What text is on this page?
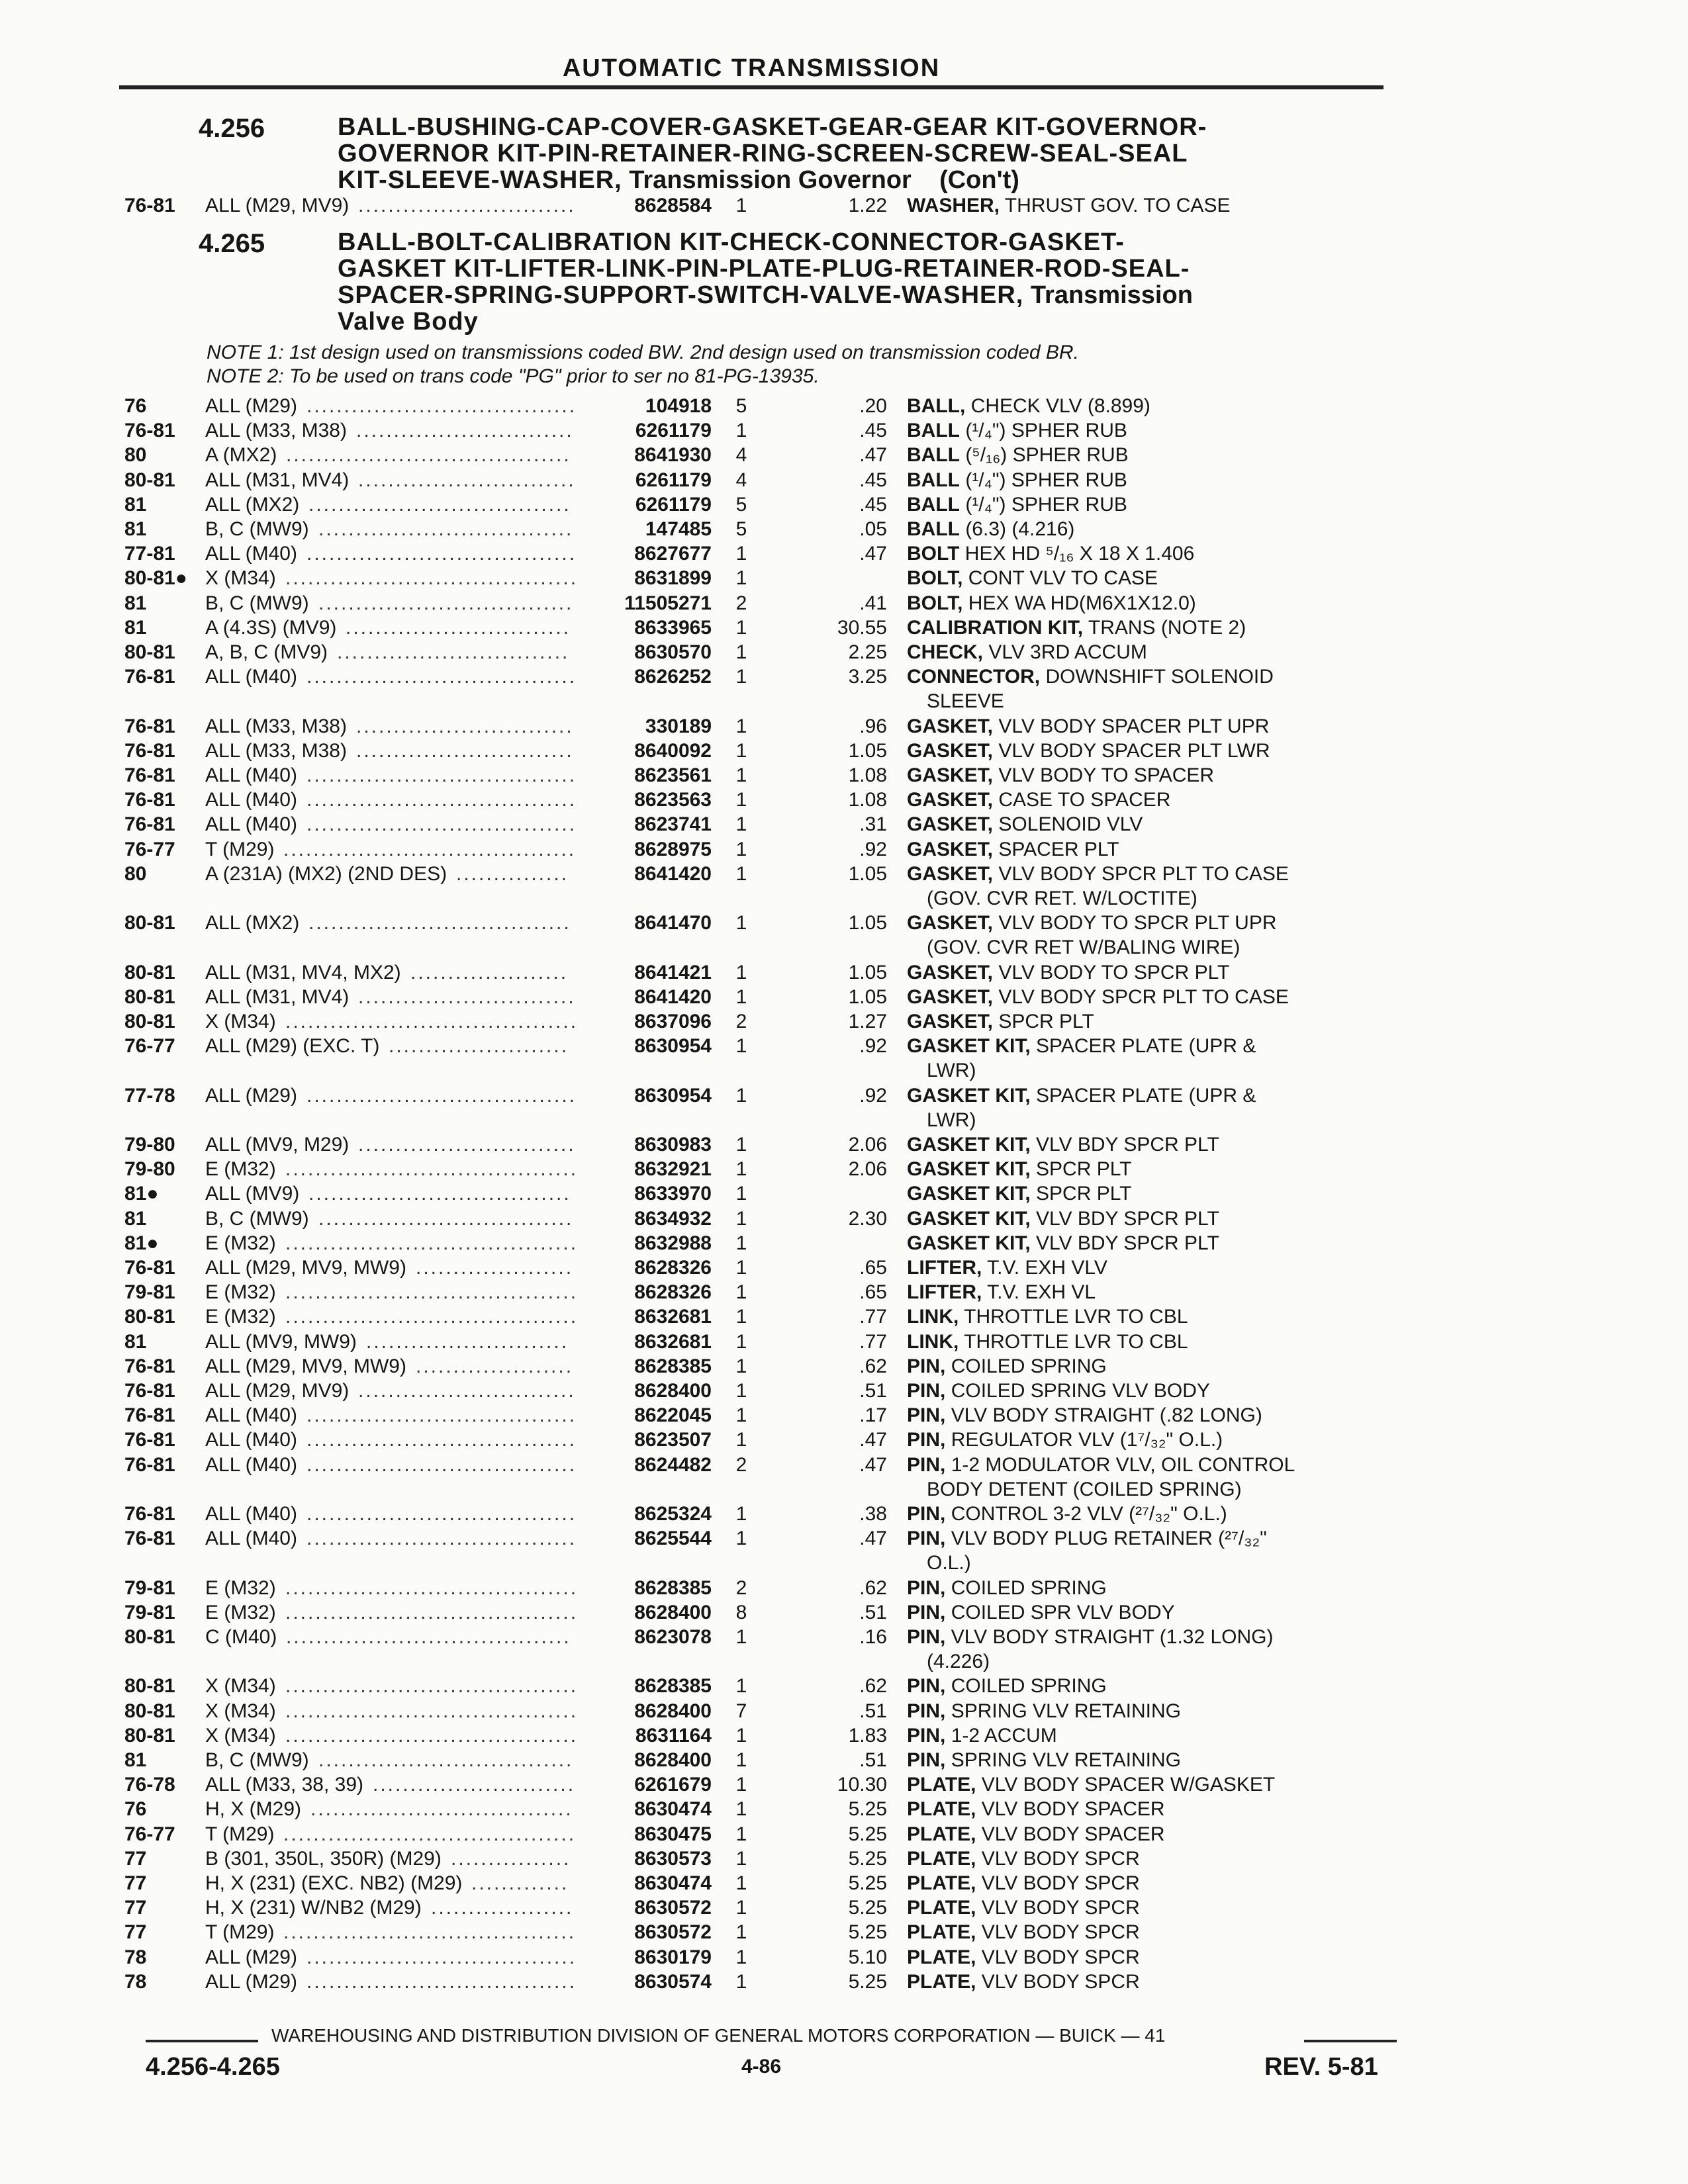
AUTOMATIC TRANSMISSION
4.256	BALL-BUSHING-CAP-COVER-GASKET-GEAR-GEAR KIT-GOVERNOR-
GOVERNOR KIT-PIN-RETAINER-RING-SCREEN-SCREW-SEAL-SEAL
KIT-SLEEVE-WASHER, Transmission Governor    (Con't)
4.265	BALL-BOLT-CALIBRATION KIT-CHECK-CONNECTOR-GASKET-
GASKET KIT-LIFTER-LINK-PIN-PLATE-PLUG-RETAINER-ROD-SEAL-
SPACER-SPRING-SUPPORT-SWITCH-VALVE-WASHER, Transmission
Valve Body
NOTE 1: 1st design used on transmissions coded BW. 2nd design used on transmission coded BR.
NOTE 2: To be used on trans code "PG" prior to ser no 81-PG-13935.
76-81 ALL (M29, MV9) .............................	8628584	1	1.22 WASHER, THRUST GOV. TO CASE
76	ALL (M29) ....................................	104918	5	.20 BALL, CHECK VLV (8.899)
76-81 ALL (M33, M38) .............................	6261179	1	.45 BALL (¹/₄") SPHER RUB
80	A (MX2) ......................................	8641930	4	.47 BALL (⁵/₁₆) SPHER RUB
80-81 ALL (M31, MV4) .............................	6261179	4	.45 BALL (¹/₄") SPHER RUB
81	ALL (MX2) ...................................	6261179	5	.45 BALL (¹/₄") SPHER RUB
81	B, C (MW9) ..................................	147485	5	.05 BALL (6.3) (4.216)
77-81 ALL (M40) ....................................	8627677	1	.47 BOLT HEX HD ⁵/₁₆ X 18 X 1.406
80-81● X (M34) .......................................	8631899	1	BOLT, CONT VLV TO CASE
81	B, C (MW9) ..................................	11505271	2	.41 BOLT, HEX WA HD(M6X1X12.0)
81	A (4.3S) (MV9) ..............................	8633965	1	30.55 CALIBRATION KIT, TRANS (NOTE 2)
80-81 A, B, C (MV9) ...............................	8630570	1	2.25 CHECK, VLV 3RD ACCUM
76-81 ALL (M40) ....................................	8626252	1	3.25 CONNECTOR, DOWNSHIFT SOLENOID
SLEEVE
76-81 ALL (M33, M38) .............................	330189	1	.96 GASKET, VLV BODY SPACER PLT UPR
76-81 ALL (M33, M38) .............................	8640092	1	1.05 GASKET, VLV BODY SPACER PLT LWR
76-81 ALL (M40) ....................................	8623561	1	1.08 GASKET, VLV BODY TO SPACER
76-81 ALL (M40) ....................................	8623563	1	1.08 GASKET, CASE TO SPACER
76-81 ALL (M40) ....................................	8623741	1	.31 GASKET, SOLENOID VLV
76-77 T (M29) .......................................	8628975	1	.92 GASKET, SPACER PLT
80	A (231A) (MX2) (2ND DES) ...............	8641420	1	1.05 GASKET, VLV BODY SPCR PLT TO CASE
(GOV. CVR RET. W/LOCTITE)
80-81 ALL (MX2) ...................................	8641470	1	1.05 GASKET, VLV BODY TO SPCR PLT UPR
(GOV. CVR RET W/BALING WIRE)
80-81 ALL (M31, MV4, MX2) .....................	8641421	1	1.05 GASKET, VLV BODY TO SPCR PLT
80-81 ALL (M31, MV4) .............................	8641420	1	1.05 GASKET, VLV BODY SPCR PLT TO CASE
80-81 X (M34) .......................................	8637096	2	1.27 GASKET, SPCR PLT
76-77 ALL (M29) (EXC. T) ........................	8630954	1	.92 GASKET KIT, SPACER PLATE (UPR &
LWR)
77-78 ALL (M29) ....................................	8630954	1	.92 GASKET KIT, SPACER PLATE (UPR &
LWR)
79-80 ALL (MV9, M29) .............................	8630983	1	2.06 GASKET KIT, VLV BDY SPCR PLT
79-80 E (M32) .......................................	8632921	1	2.06 GASKET KIT, SPCR PLT
81● ALL (MV9) ...................................	8633970	1	GASKET KIT, SPCR PLT
81	B, C (MW9) ..................................	8634932	1	2.30 GASKET KIT, VLV BDY SPCR PLT
81● E (M32) .......................................	8632988	1	GASKET KIT, VLV BDY SPCR PLT
76-81 ALL (M29, MV9, MW9) .....................	8628326	1	.65 LIFTER, T.V. EXH VLV
79-81 E (M32) .......................................	8628326	1	.65 LIFTER, T.V. EXH VL
80-81 E (M32) .......................................	8632681	1	.77 LINK, THROTTLE LVR TO CBL
81	ALL (MV9, MW9) ...........................	8632681	1	.77 LINK, THROTTLE LVR TO CBL
76-81 ALL (M29, MV9, MW9) .....................	8628385	1	.62 PIN, COILED SPRING
76-81 ALL (M29, MV9) .............................	8628400	1	.51 PIN, COILED SPRING VLV BODY
76-81 ALL (M40) ....................................	8622045	1	.17 PIN, VLV BODY STRAIGHT (.82 LONG)
76-81 ALL (M40) ....................................	8623507	1	.47 PIN, REGULATOR VLV (1⁷/₃₂" O.L.)
76-81 ALL (M40) ....................................	8624482	2	.47 PIN, 1-2 MODULATOR VLV, OIL CONTROL
BODY DETENT (COILED SPRING)
76-81 ALL (M40) ....................................	8625324	1	.38 PIN, CONTROL 3-2 VLV (²⁷/₃₂" O.L.)
76-81 ALL (M40) ....................................	8625544	1	.47 PIN, VLV BODY PLUG RETAINER (²⁷/₃₂"
O.L.)
79-81 E (M32) .......................................	8628385	2	.62 PIN, COILED SPRING
79-81 E (M32) .......................................	8628400	8	.51 PIN, COILED SPR VLV BODY
80-81 C (M40) ......................................	8623078	1	.16 PIN, VLV BODY STRAIGHT (1.32 LONG)
(4.226)
80-81 X (M34) .......................................	8628385	1	.62 PIN, COILED SPRING
80-81 X (M34) .......................................	8628400	7	.51 PIN, SPRING VLV RETAINING
80-81 X (M34) .......................................	8631164	1	1.83 PIN, 1-2 ACCUM
81	B, C (MW9) ..................................	8628400	1	.51 PIN, SPRING VLV RETAINING
76-78 ALL (M33, 38, 39) ...........................	6261679	1	10.30 PLATE, VLV BODY SPACER W/GASKET
76	H, X (M29) ...................................	8630474	1	5.25 PLATE, VLV BODY SPACER
76-77 T (M29) .......................................	8630475	1	5.25 PLATE, VLV BODY SPACER
77	B (301, 350L, 350R) (M29) ................	8630573	1	5.25 PLATE, VLV BODY SPCR
77	H, X (231) (EXC. NB2) (M29) .............	8630474	1	5.25 PLATE, VLV BODY SPCR
77	H, X (231) W/NB2 (M29) ...................	8630572	1	5.25 PLATE, VLV BODY SPCR
77	T (M29) .......................................	8630572	1	5.25 PLATE, VLV BODY SPCR
78	ALL (M29) ....................................	8630179	1	5.10 PLATE, VLV BODY SPCR
78	ALL (M29) ....................................	8630574	1	5.25 PLATE, VLV BODY SPCR
WAREHOUSING AND DISTRIBUTION DIVISION OF GENERAL MOTORS CORPORATION — BUICK — 41
4.256-4.265	4-86	REV. 5-81
